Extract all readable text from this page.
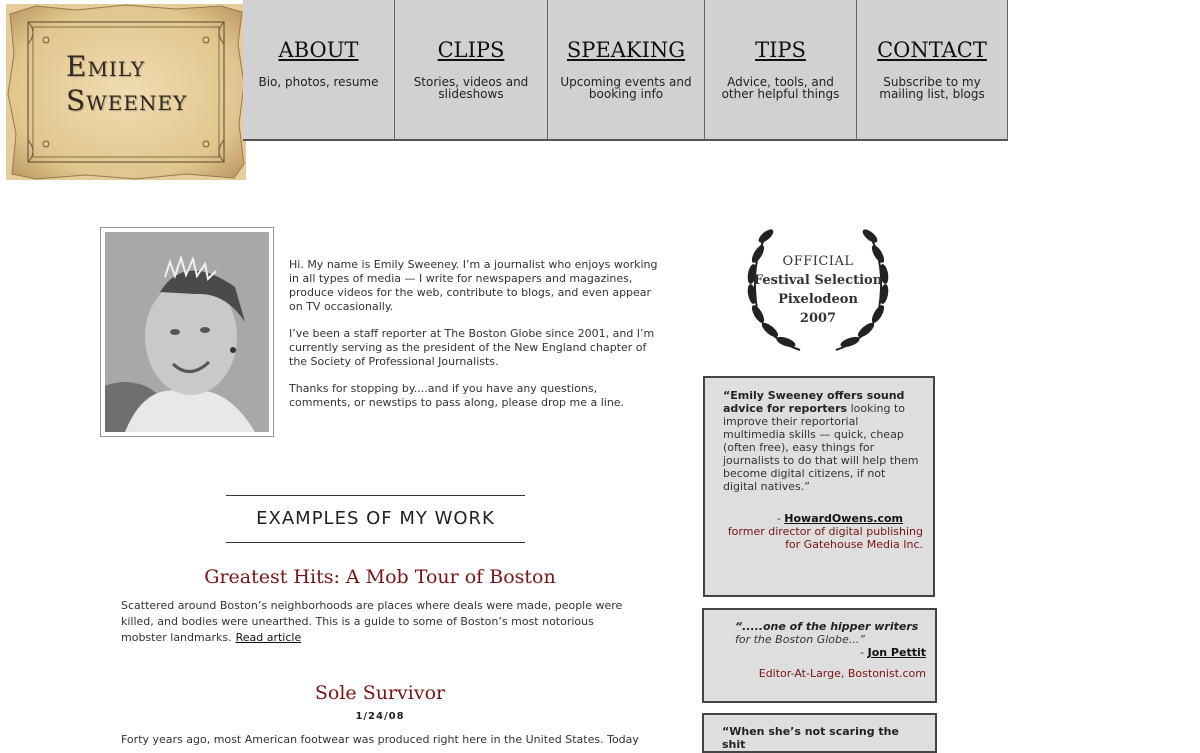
Emily
Sweeney
ABOUT
Bio, photos, resume
CLIPS
Stories, videos and slideshows
SPEAKING
Upcoming events and booking info
TIPS
Advice, tools, and other helpful things
CONTACT
Subscribe to my mailing list, blogs

Hi. My name is Emily Sweeney. I’m a journalist who enjoys working in all types of media — I write for newspapers and magazines, produce videos for the web, contribute to blogs, and even appear on TV occasionally.

I’ve been a staff reporter at The Boston Globe since 2001, and I’m currently serving as the president of the New England chapter of the Society of Professional Journalists.

Thanks for stopping by....and if you have any questions, comments, or newstips to pass along, please drop me a line.

EXAMPLES OF MY WORK
Greatest Hits: A Mob Tour of Boston
Scattered around Boston’s neighborhoods are places where deals were made, people were killed, and bodies were unearthed. This is a guide to some of Boston’s most notorious mobster landmarks. Read article
Sole Survivor
1/24/08
Forty years ago, most American footwear was produced right here in the United States. Today
OFFICIAL
Festival Selection
Pixelodeon
2007
“Emily Sweeney offers sound advice for reporters looking to improve their reportorial multimedia skills — quick, cheap (often free), easy things for journalists to do that will help them become digital citizens, if not digital natives.”
- HowardOwens.com
former director of digital publishing for Gatehouse Media Inc.
“.....one of the hipper writers for the Boston Globe...”
- Jon Pettit
Editor-At-Large, Bostonist.com
“When she’s not scaring the shit
